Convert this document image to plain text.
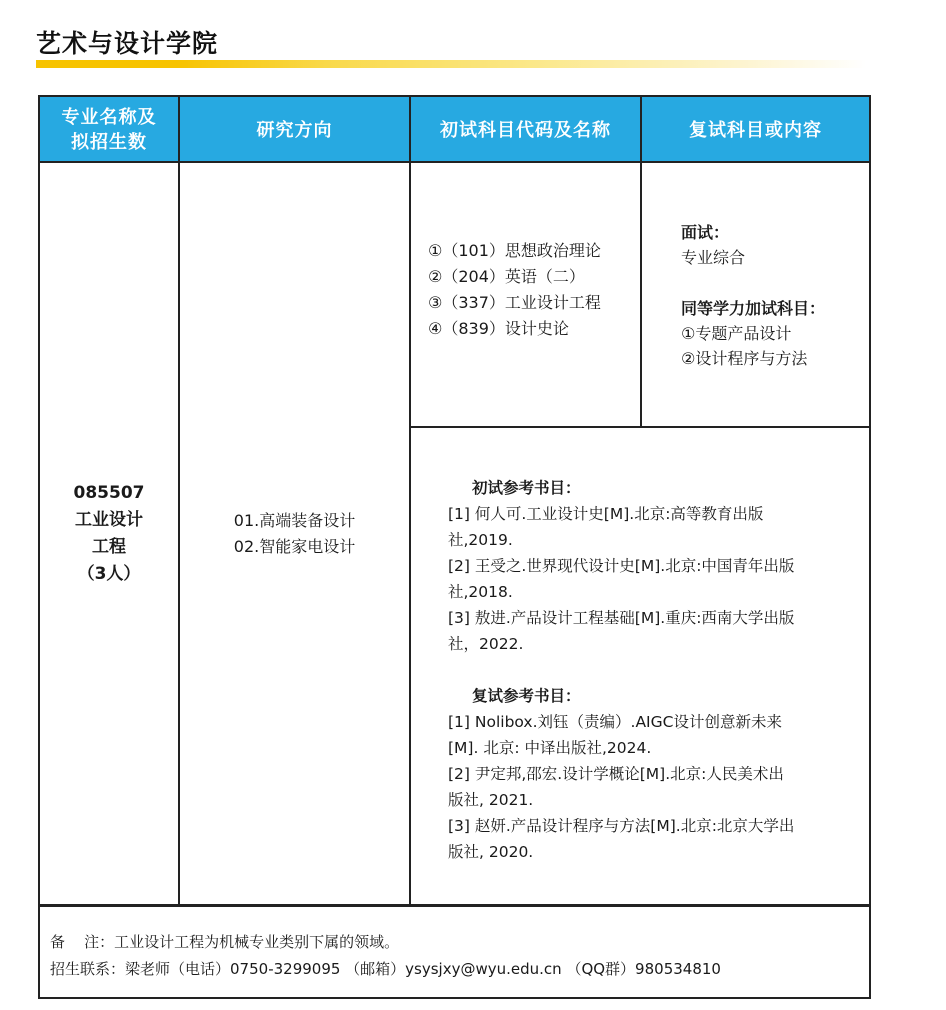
艺术与设计学院
专业名称及拟招生数
研究方向	初试科目代码及名称	复试科目或内容
085507
工业设计
工程
（3人）
01.高端装备设计
02.智能家电设计
①（101）思想政治理论
②（204）英语（二）
③（337）工业设计工程
④（839）设计史论
面试：
专业综合
同等学力加试科目：
①专题产品设计
②设计程序与方法
初试参考书目：
[1] 何人可.工业设计史[M].北京:高等教育出版
社,2019.
[2] 王受之.世界现代设计史[M].北京:中国青年出版
社,2018.
[3] 敖进.产品设计工程基础[M].重庆:西南大学出版
社，2022.
复试参考书目：
[1] Nolibox.刘钰（责编）.AIGC设计创意新未来
[M]. 北京: 中译出版社,2024.
[2] 尹定邦,邵宏.设计学概论[M].北京:人民美术出
版社, 2021.
[3] 赵妍.产品设计程序与方法[M].北京:北京大学出
版社, 2020.
备    注：工业设计工程为机械专业类别下属的领域。
招生联系：梁老师（电话）0750-3299095 （邮箱）ysysjxy@wyu.edu.cn （QQ群）980534810
